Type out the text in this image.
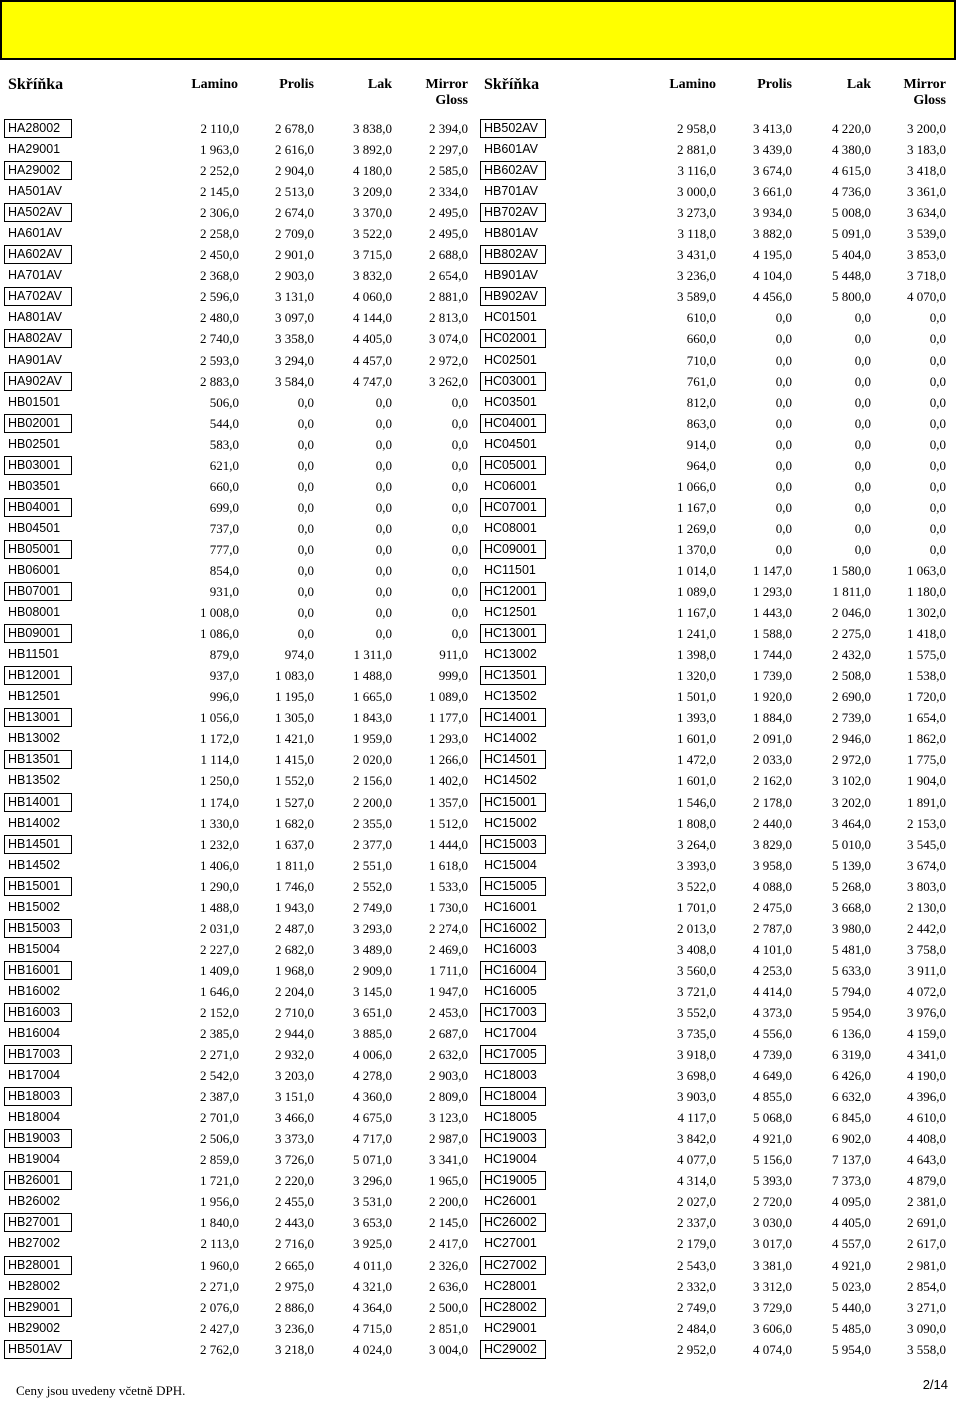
Skříňka	Lamino	Prolis	Lak	Mirror
Gloss
HA28002	2 110,0	2 678,0	3 838,0	2 394,0
HA29001	1 963,0	2 616,0	3 892,0	2 297,0
HA29002	2 252,0	2 904,0	4 180,0	2 585,0
HA501AV	2 145,0	2 513,0	3 209,0	2 334,0
HA502AV	2 306,0	2 674,0	3 370,0	2 495,0
HA601AV	2 258,0	2 709,0	3 522,0	2 495,0
HA602AV	2 450,0	2 901,0	3 715,0	2 688,0
HA701AV	2 368,0	2 903,0	3 832,0	2 654,0
HA702AV	2 596,0	3 131,0	4 060,0	2 881,0
HA801AV	2 480,0	3 097,0	4 144,0	2 813,0
HA802AV	2 740,0	3 358,0	4 405,0	3 074,0
HA901AV	2 593,0	3 294,0	4 457,0	2 972,0
HA902AV	2 883,0	3 584,0	4 747,0	3 262,0
HB01501	506,0	0,0	0,0	0,0
HB02001	544,0	0,0	0,0	0,0
HB02501	583,0	0,0	0,0	0,0
HB03001	621,0	0,0	0,0	0,0
HB03501	660,0	0,0	0,0	0,0
HB04001	699,0	0,0	0,0	0,0
HB04501	737,0	0,0	0,0	0,0
HB05001	777,0	0,0	0,0	0,0
HB06001	854,0	0,0	0,0	0,0
HB07001	931,0	0,0	0,0	0,0
HB08001	1 008,0	0,0	0,0	0,0
HB09001	1 086,0	0,0	0,0	0,0
HB11501	879,0	974,0	1 311,0	911,0
HB12001	937,0	1 083,0	1 488,0	999,0
HB12501	996,0	1 195,0	1 665,0	1 089,0
HB13001	1 056,0	1 305,0	1 843,0	1 177,0
HB13002	1 172,0	1 421,0	1 959,0	1 293,0
HB13501	1 114,0	1 415,0	2 020,0	1 266,0
HB13502	1 250,0	1 552,0	2 156,0	1 402,0
HB14001	1 174,0	1 527,0	2 200,0	1 357,0
HB14002	1 330,0	1 682,0	2 355,0	1 512,0
HB14501	1 232,0	1 637,0	2 377,0	1 444,0
HB14502	1 406,0	1 811,0	2 551,0	1 618,0
HB15001	1 290,0	1 746,0	2 552,0	1 533,0
HB15002	1 488,0	1 943,0	2 749,0	1 730,0
HB15003	2 031,0	2 487,0	3 293,0	2 274,0
HB15004	2 227,0	2 682,0	3 489,0	2 469,0
HB16001	1 409,0	1 968,0	2 909,0	1 711,0
HB16002	1 646,0	2 204,0	3 145,0	1 947,0
HB16003	2 152,0	2 710,0	3 651,0	2 453,0
HB16004	2 385,0	2 944,0	3 885,0	2 687,0
HB17003	2 271,0	2 932,0	4 006,0	2 632,0
HB17004	2 542,0	3 203,0	4 278,0	2 903,0
HB18003	2 387,0	3 151,0	4 360,0	2 809,0
HB18004	2 701,0	3 466,0	4 675,0	3 123,0
HB19003	2 506,0	3 373,0	4 717,0	2 987,0
HB19004	2 859,0	3 726,0	5 071,0	3 341,0
HB26001	1 721,0	2 220,0	3 296,0	1 965,0
HB26002	1 956,0	2 455,0	3 531,0	2 200,0
HB27001	1 840,0	2 443,0	3 653,0	2 145,0
HB27002	2 113,0	2 716,0	3 925,0	2 417,0
HB28001	1 960,0	2 665,0	4 011,0	2 326,0
HB28002	2 271,0	2 975,0	4 321,0	2 636,0
HB29001	2 076,0	2 886,0	4 364,0	2 500,0
HB29002	2 427,0	3 236,0	4 715,0	2 851,0
HB501AV	2 762,0	3 218,0	4 024,0	3 004,0
Skříňka	Lamino	Prolis	Lak	Mirror
Gloss
HB502AV	2 958,0	3 413,0	4 220,0	3 200,0
HB601AV	2 881,0	3 439,0	4 380,0	3 183,0
HB602AV	3 116,0	3 674,0	4 615,0	3 418,0
HB701AV	3 000,0	3 661,0	4 736,0	3 361,0
HB702AV	3 273,0	3 934,0	5 008,0	3 634,0
HB801AV	3 118,0	3 882,0	5 091,0	3 539,0
HB802AV	3 431,0	4 195,0	5 404,0	3 853,0
HB901AV	3 236,0	4 104,0	5 448,0	3 718,0
HB902AV	3 589,0	4 456,0	5 800,0	4 070,0
HC01501	610,0	0,0	0,0	0,0
HC02001	660,0	0,0	0,0	0,0
HC02501	710,0	0,0	0,0	0,0
HC03001	761,0	0,0	0,0	0,0
HC03501	812,0	0,0	0,0	0,0
HC04001	863,0	0,0	0,0	0,0
HC04501	914,0	0,0	0,0	0,0
HC05001	964,0	0,0	0,0	0,0
HC06001	1 066,0	0,0	0,0	0,0
HC07001	1 167,0	0,0	0,0	0,0
HC08001	1 269,0	0,0	0,0	0,0
HC09001	1 370,0	0,0	0,0	0,0
HC11501	1 014,0	1 147,0	1 580,0	1 063,0
HC12001	1 089,0	1 293,0	1 811,0	1 180,0
HC12501	1 167,0	1 443,0	2 046,0	1 302,0
HC13001	1 241,0	1 588,0	2 275,0	1 418,0
HC13002	1 398,0	1 744,0	2 432,0	1 575,0
HC13501	1 320,0	1 739,0	2 508,0	1 538,0
HC13502	1 501,0	1 920,0	2 690,0	1 720,0
HC14001	1 393,0	1 884,0	2 739,0	1 654,0
HC14002	1 601,0	2 091,0	2 946,0	1 862,0
HC14501	1 472,0	2 033,0	2 972,0	1 775,0
HC14502	1 601,0	2 162,0	3 102,0	1 904,0
HC15001	1 546,0	2 178,0	3 202,0	1 891,0
HC15002	1 808,0	2 440,0	3 464,0	2 153,0
HC15003	3 264,0	3 829,0	5 010,0	3 545,0
HC15004	3 393,0	3 958,0	5 139,0	3 674,0
HC15005	3 522,0	4 088,0	5 268,0	3 803,0
HC16001	1 701,0	2 475,0	3 668,0	2 130,0
HC16002	2 013,0	2 787,0	3 980,0	2 442,0
HC16003	3 408,0	4 101,0	5 481,0	3 758,0
HC16004	3 560,0	4 253,0	5 633,0	3 911,0
HC16005	3 721,0	4 414,0	5 794,0	4 072,0
HC17003	3 552,0	4 373,0	5 954,0	3 976,0
HC17004	3 735,0	4 556,0	6 136,0	4 159,0
HC17005	3 918,0	4 739,0	6 319,0	4 341,0
HC18003	3 698,0	4 649,0	6 426,0	4 190,0
HC18004	3 903,0	4 855,0	6 632,0	4 396,0
HC18005	4 117,0	5 068,0	6 845,0	4 610,0
HC19003	3 842,0	4 921,0	6 902,0	4 408,0
HC19004	4 077,0	5 156,0	7 137,0	4 643,0
HC19005	4 314,0	5 393,0	7 373,0	4 879,0
HC26001	2 027,0	2 720,0	4 095,0	2 381,0
HC26002	2 337,0	3 030,0	4 405,0	2 691,0
HC27001	2 179,0	3 017,0	4 557,0	2 617,0
HC27002	2 543,0	3 381,0	4 921,0	2 981,0
HC28001	2 332,0	3 312,0	5 023,0	2 854,0
HC28002	2 749,0	3 729,0	5 440,0	3 271,0
HC29001	2 484,0	3 606,0	5 485,0	3 090,0
HC29002	2 952,0	4 074,0	5 954,0	3 558,0
Ceny jsou uvedeny včetně DPH.	2/14
